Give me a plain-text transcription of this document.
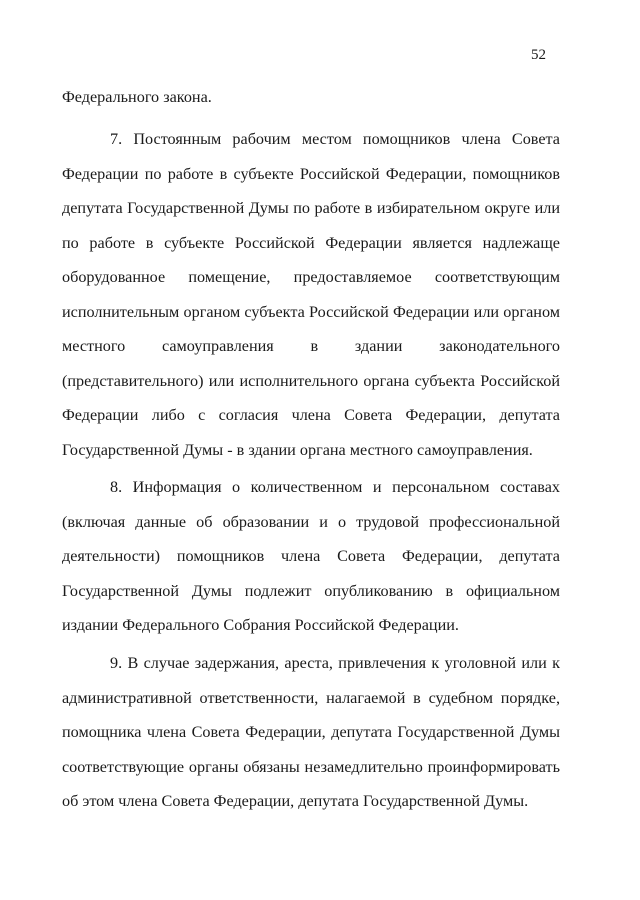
52

Федерального закона.

7. Постоянным рабочим местом помощников члена Совета Федерации по работе в субъекте Российской Федерации, помощников депутата Государственной Думы по работе в избирательном округе или по работе в субъекте Российской Федерации является надлежаще оборудованное помещение, предоставляемое соответствующим исполнительным органом субъекта Российской Федерации или органом местного самоуправления в здании законодательного (представительного) или исполнительного органа субъекта Российской Федерации либо с согласия члена Совета Федерации, депутата Государственной Думы - в здании органа местного самоуправления.

8. Информация о количественном и персональном составах (включая данные об образовании и о трудовой профессиональной деятельности) помощников члена Совета Федерации, депутата Государственной Думы подлежит опубликованию в официальном издании Федерального Собрания Российской Федерации.

9. В случае задержания, ареста, привлечения к уголовной или к административной ответственности, налагаемой в судебном порядке, помощника члена Совета Федерации, депутата Государственной Думы соответствующие органы обязаны незамедлительно проинформировать об этом члена Совета Федерации, депутата Государственной Думы.
